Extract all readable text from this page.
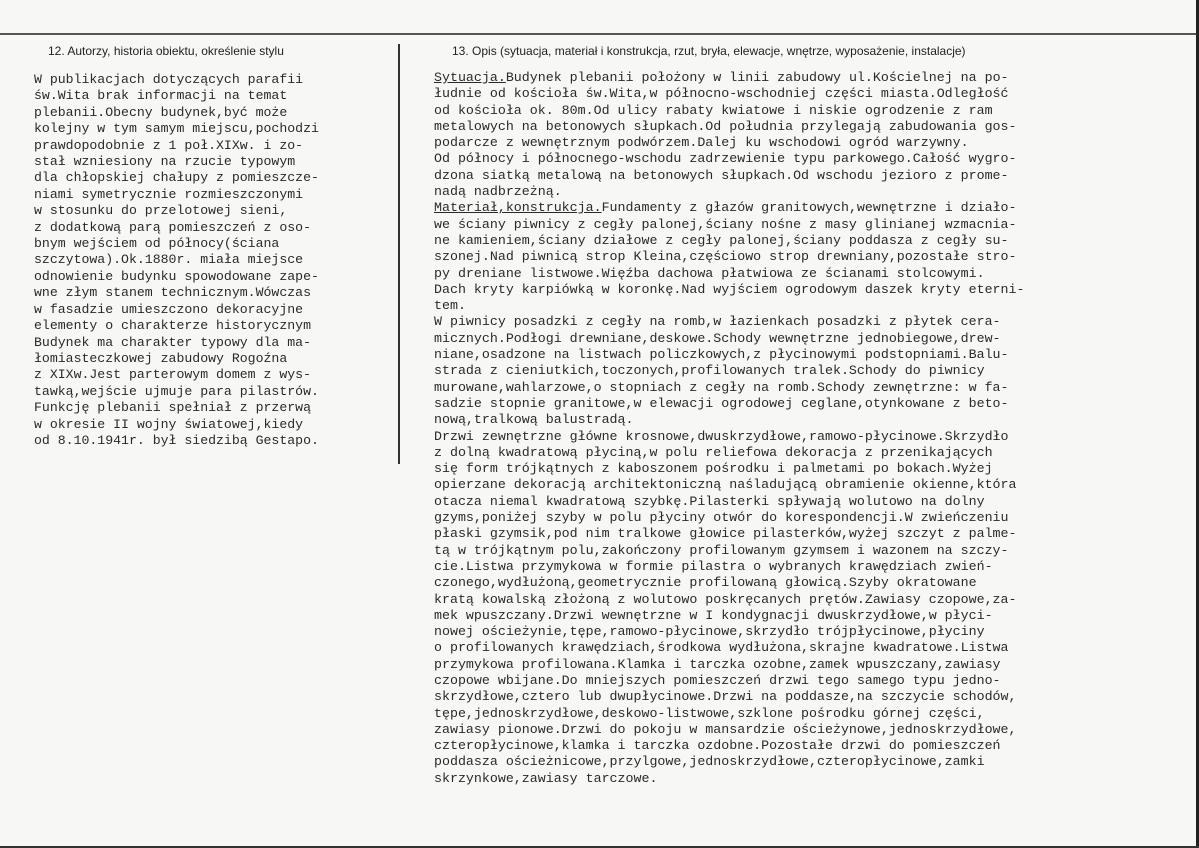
12. Autorzy, historia obiektu, określenie stylu	13. Opis (sytuacja, materiał i konstrukcja, rzut, bryła, elewacje, wnętrze, wyposażenie, instalacje)
W publikacjach dotyczących parafii
św.Wita brak informacji na temat
plebanii.Obecny budynek,być może
kolejny w tym samym miejscu,pochodzi
prawdopodobnie z 1 poł.XIXw. i zo-
stał wzniesiony na rzucie typowym
dla chłopskiej chałupy z pomieszcze-
niami symetrycznie rozmieszczonymi
w stosunku do przelotowej sieni,
z dodatkową parą pomieszczeń z oso-
bnym wejściem od północy(ściana
szczytowa).Ok.1880r. miała miejsce
odnowienie budynku spowodowane zape-
wne złym stanem technicznym.Wówczas
w fasadzie umieszczono dekoracyjne
elementy o charakterze historycznym
Budynek ma charakter typowy dla ma-
łomiasteczkowej zabudowy Rogoźna
z XIXw.Jest parterowym domem z wys-
tawką,wejście ujmuje para pilastrów.
Funkcję plebanii spełniał z przerwą
w okresie II wojny światowej,kiedy
od 8.10.1941r. był siedzibą Gestapo.
Sytuacja.Budynek plebanii położony w linii zabudowy ul.Kościelnej na po-
łudnie od kościoła św.Wita,w północno-wschodniej części miasta.Odległość
od kościoła ok. 80m.Od ulicy rabaty kwiatowe i niskie ogrodzenie z ram
metalowych na betonowych słupkach.Od południa przylegają zabudowania gos-
podarcze z wewnętrznym podwórzem.Dalej ku wschodowi ogród warzywny.
Od północy i północnego-wschodu zadrzewienie typu parkowego.Całość wygro-
dzona siatką metalową na betonowych słupkach.Od wschodu jezioro z prome-
nadą nadbrzeżną.
Materiał,konstrukcja.Fundamenty z głazów granitowych,wewnętrzne i działo-
we ściany piwnicy z cegły palonej,ściany nośne z masy glinianej wzmacnia-
ne kamieniem,ściany działowe z cegły palonej,ściany poddasza z cegły su-
szonej.Nad piwnicą strop Kleina,częściowo strop drewniany,pozostałe stro-
py dreniane listwowe.Więźba dachowa płatwiowa ze ścianami stolcowymi.
Dach kryty karpiówką w koronkę.Nad wyjściem ogrodowym daszek kryty eterni-
tem.
W piwnicy posadzki z cegły na romb,w łazienkach posadzki z płytek cera-
micznych.Podłogi drewniane,deskowe.Schody wewnętrzne jednobiegowe,drew-
niane,osadzone na listwach policzkowych,z płycinowymi podstopniami.Balu-
strada z cieniutkich,toczonych,profilowanych tralek.Schody do piwnicy
murowane,wahlarzowe,o stopniach z cegły na romb.Schody zewnętrzne: w fa-
sadzie stopnie granitowe,w elewacji ogrodowej ceglane,otynkowane z beto-
nową,tralkową balustradą.
Drzwi zewnętrzne główne krosnowe,dwuskrzydłowe,ramowo-płycinowe.Skrzydło
z dolną kwadratową płyciną,w polu reliefowa dekoracja z przenikających
się form trójkątnych z kaboszonem pośrodku i palmetami po bokach.Wyżej
opierzane dekoracją architektoniczną naśladującą obramienie okienne,która
otacza niemal kwadratową szybkę.Pilasterki spływają wolutowo na dolny
gzyms,poniżej szyby w polu płyciny otwór do korespondencji.W zwieńczeniu
płaski gzymsik,pod nim tralkowe głowice pilasterków,wyżej szczyt z palme-
tą w trójkątnym polu,zakończony profilowanym gzymsem i wazonem na szczy-
cie.Listwa przymykowa w formie pilastra o wybranych krawędziach zwień-
czonego,wydłużoną,geometrycznie profilowaną głowicą.Szyby okratowane
kratą kowalską złożoną z wolutowo poskręcanych prętów.Zawiasy czopowe,za-
mek wpuszczany.Drzwi wewnętrzne w I kondygnacji dwuskrzydłowe,w płyci-
nowej ościeżynie,tępe,ramowo-płycinowe,skrzydło trójpłycinowe,płyciny
o profilowanych krawędziach,środkowa wydłużona,skrajne kwadratowe.Listwa
przymykowa profilowana.Klamka i tarczka ozobne,zamek wpuszczany,zawiasy
czopowe wbijane.Do mniejszych pomieszczeń drzwi tego samego typu jedno-
skrzydłowe,cztero lub dwupłycinowe.Drzwi na poddasze,na szczycie schodów,
tępe,jednoskrzydłowe,deskowo-listwowe,szklone pośrodku górnej części,
zawiasy pionowe.Drzwi do pokoju w mansardzie ościeżynowe,jednoskrzydłowe,
czteropłycinowe,klamka i tarczka ozdobne.Pozostałe drzwi do pomieszczeń
poddasza ościeżnicowe,przylgowe,jednoskrzydłowe,czteropłycinowe,zamki
skrzynkowe,zawiasy tarczowe.
